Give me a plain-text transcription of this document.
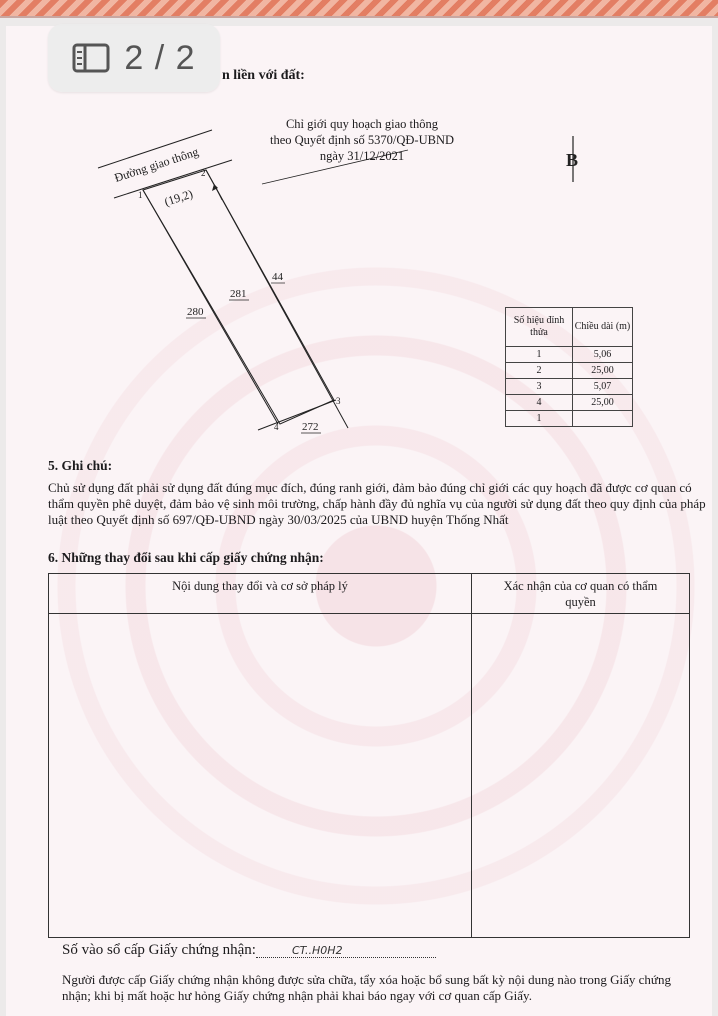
2 / 2 n liền với đất:
Đường giao thông
1
2
3
4
(19,2)
44
281
280
272
B
Chỉ giới quy hoạch giao thông
theo Quyết định số 5370/QĐ-UBND
ngày 31/12/2021
Số hiệu đỉnh thửa	Chiều dài (m)
1	5,06
2	25,00
3	5,07
4	25,00
1	
5. Ghi chú:
Chủ sử dụng đất phải sử dụng đất đúng mục đích, đúng ranh giới, đảm bảo đúng chỉ giới các quy hoạch đã được cơ quan có thẩm quyền phê duyệt, đảm bảo vệ sinh môi trường, chấp hành đầy đủ nghĩa vụ của người sử dụng đất theo quy định của pháp luật theo Quyết định số 697/QĐ-UBND ngày 30/03/2025 của UBND huyện Thống Nhất
6. Những thay đổi sau khi cấp giấy chứng nhận:
Nội dung thay đổi và cơ sở pháp lý	Xác nhận của cơ quan có thẩm quyền

Số vào sổ cấp Giấy chứng nhận:	CT..H0H2
Người được cấp Giấy chứng nhận không được sửa chữa, tẩy xóa hoặc bổ sung bất kỳ nội dung nào trong Giấy chứng nhận; khi bị mất hoặc hư hỏng Giấy chứng nhận phải khai báo ngay với cơ quan cấp Giấy.
